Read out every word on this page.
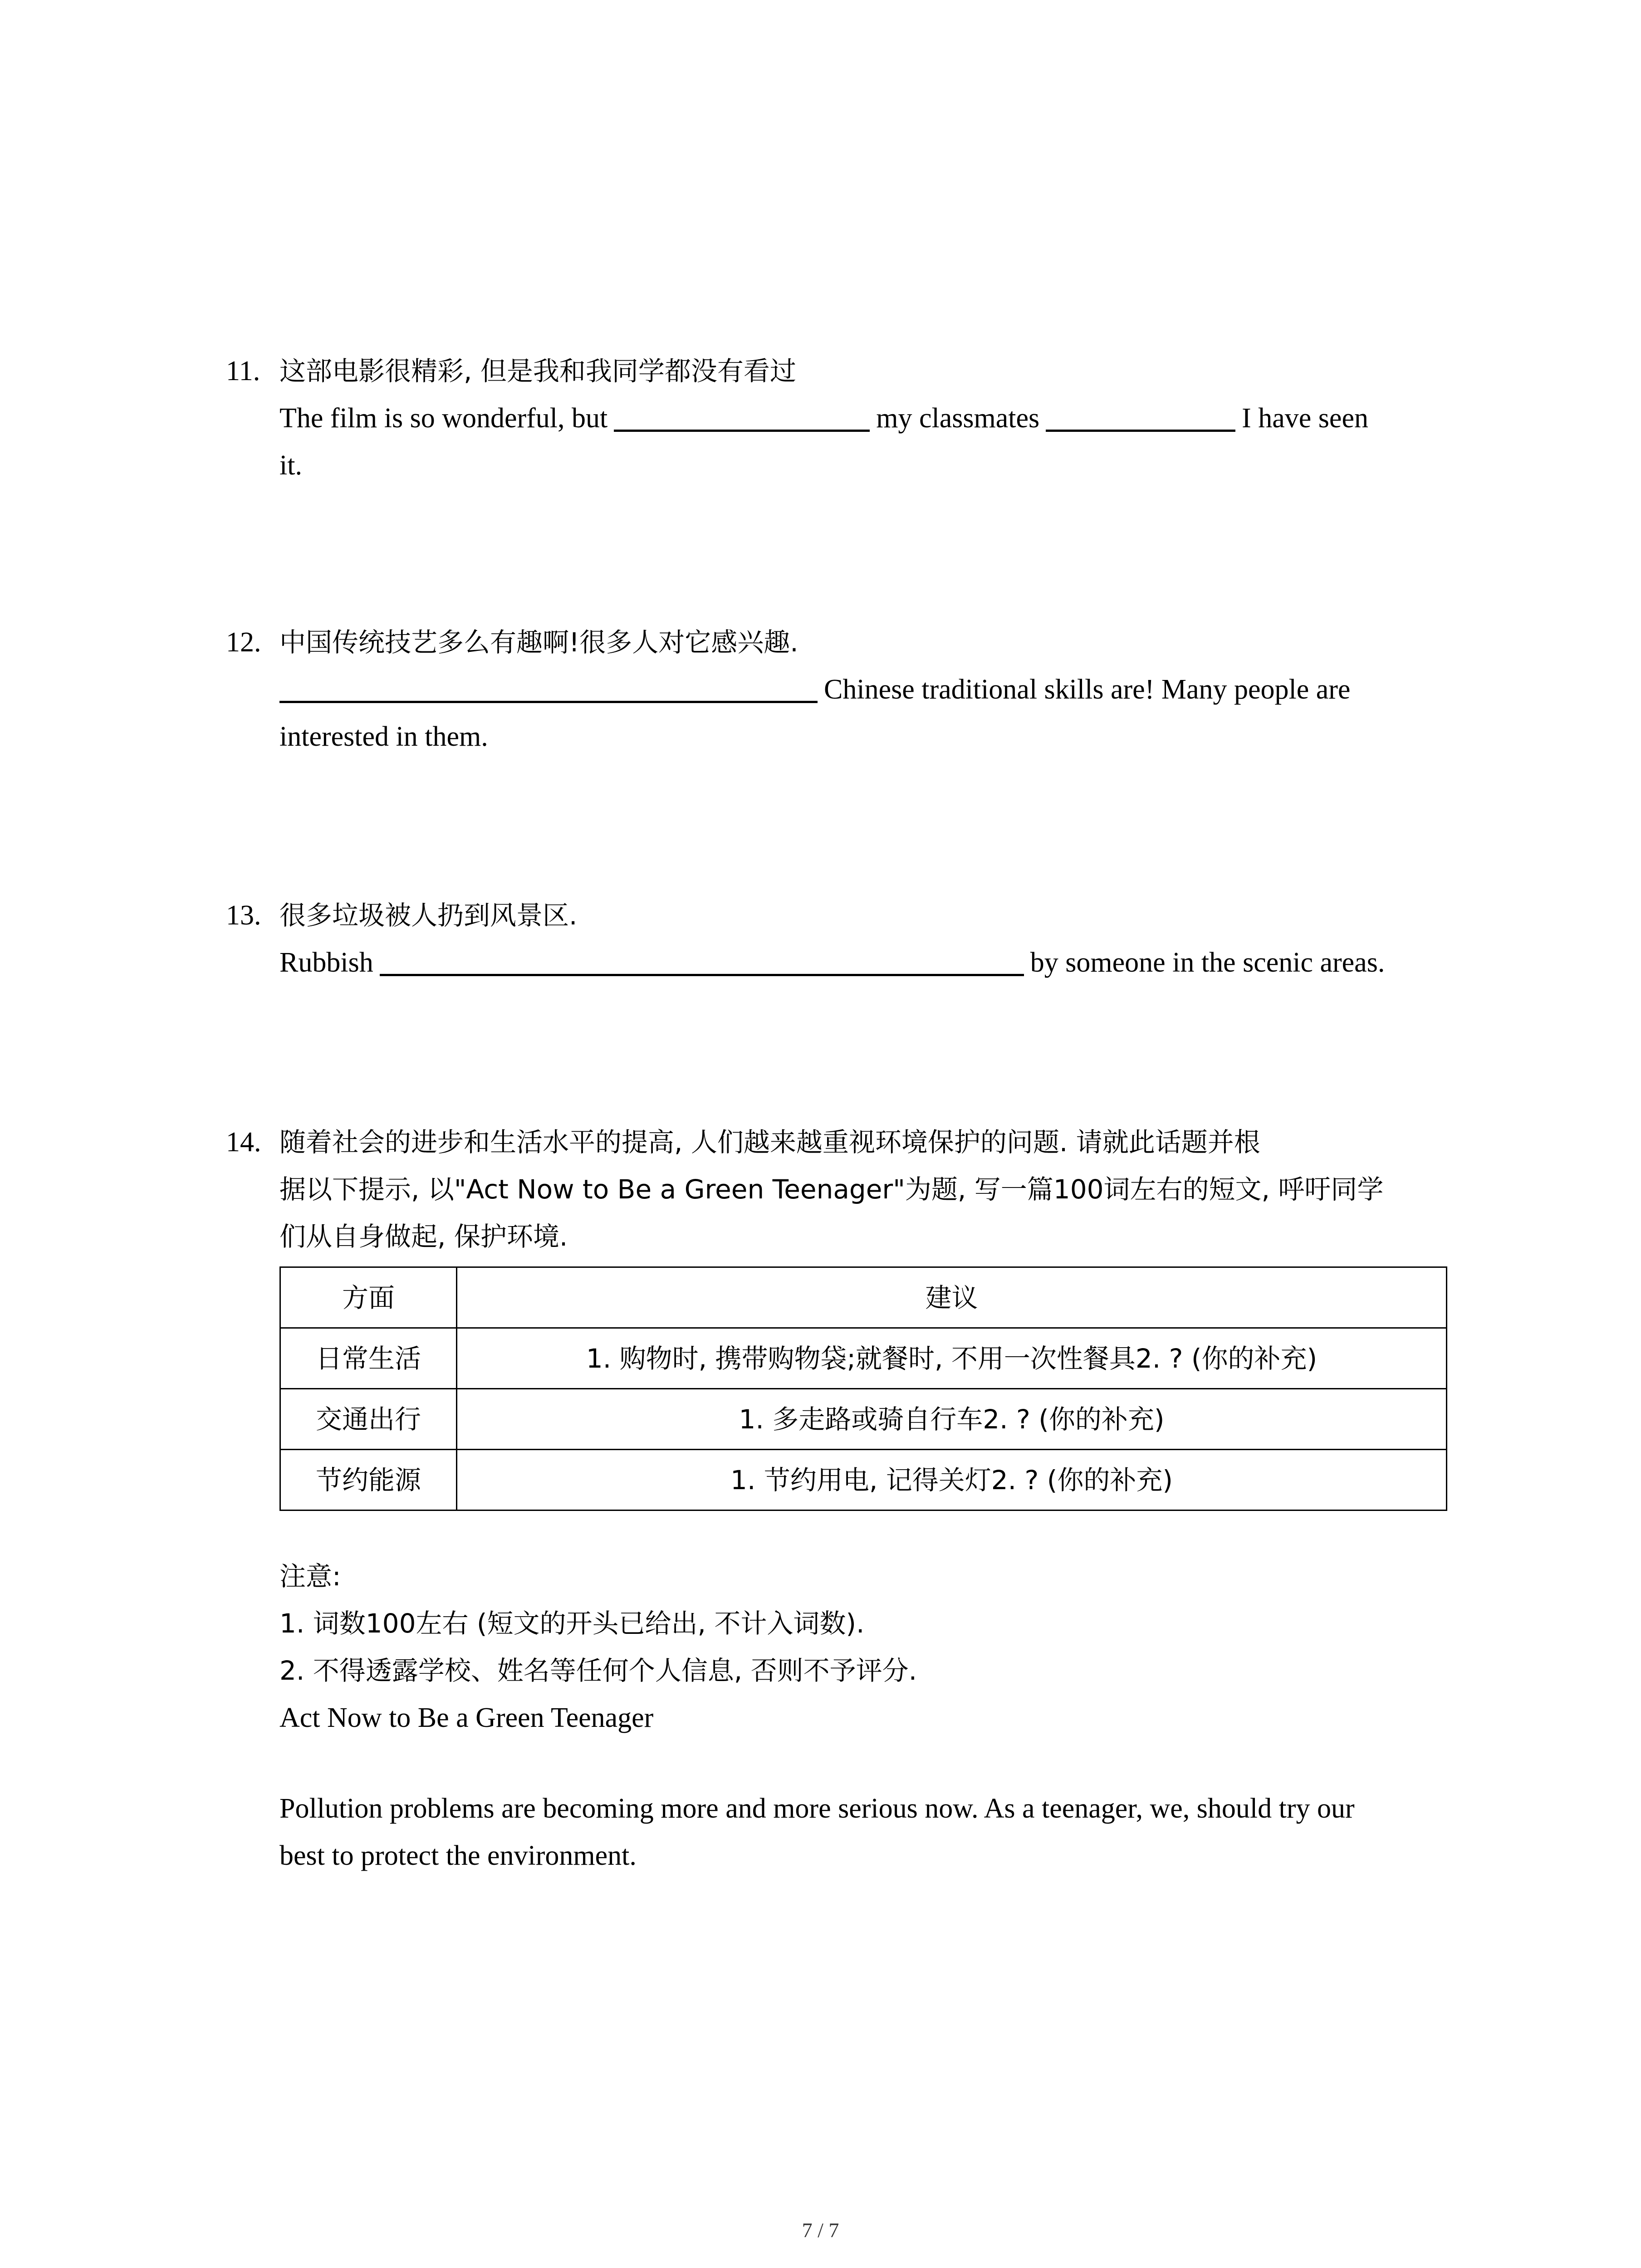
11. 这部电影很精彩, 但是我和我同学都没有看过
The film is so wonderful, but	my classmates	I have seen
it.
12. 中国传统技艺多么有趣啊!很多人对它感兴趣.
Chinese traditional skills are! Many people are
interested in them.
13. 很多垃圾被人扔到风景区.
Rubbish	by someone in the scenic areas.
14. 随着社会的进步和生活水平的提高, 人们越来越重视环境保护的问题. 请就此话题并根
据以下提示, 以"Act Now to Be a Green Teenager"为题, 写一篇100词左右的短文, 呼吁同学
们从自身做起, 保护环境.
方面	建议
日常生活	1. 购物时, 携带购物袋;就餐时, 不用一次性餐具2. ? (你的补充)
交通出行	1. 多走路或骑自行车2. ? (你的补充)
节约能源	1. 节约用电, 记得关灯2. ? (你的补充)
注意:
1. 词数100左右 (短文的开头已给出, 不计入词数).
2. 不得透露学校、姓名等任何个人信息, 否则不予评分.
Act Now to Be a Green Teenager
Pollution problems are becoming more and more serious now. As a teenager, we, should try our
best to protect the environment.
7 / 7
